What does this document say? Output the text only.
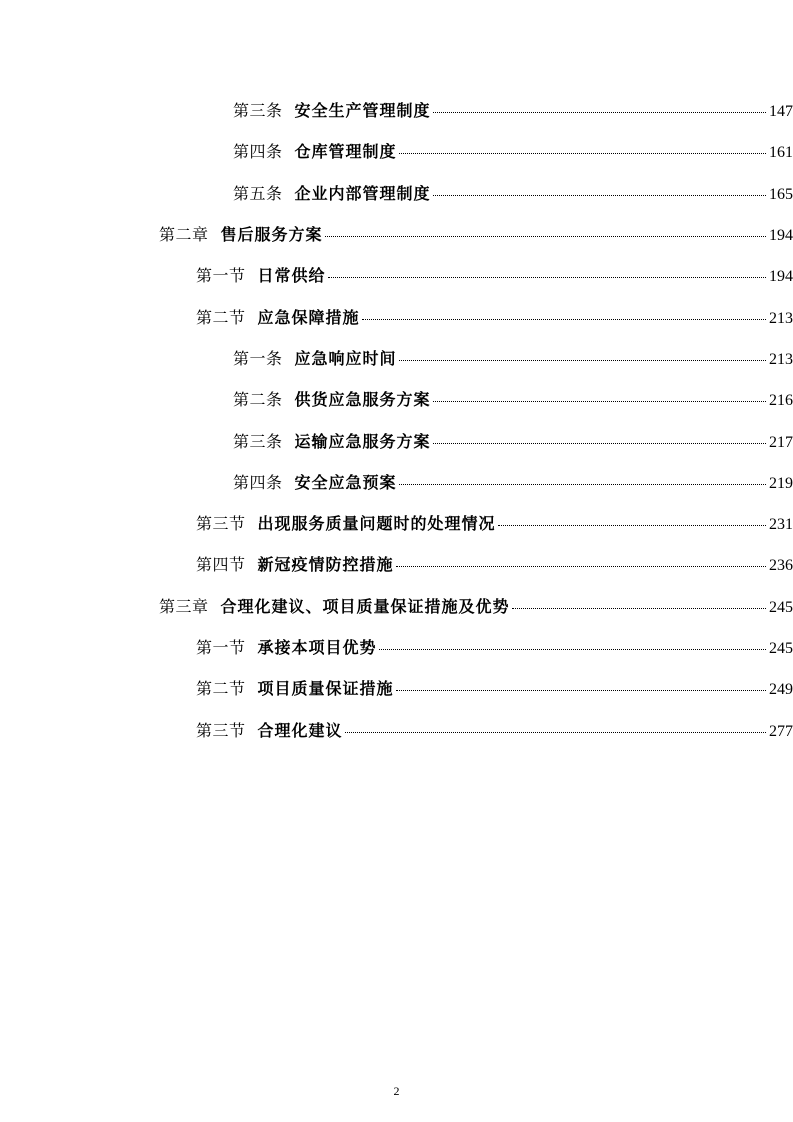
第三条 安全生产管理制度	147
第四条 仓库管理制度	161
第五条 企业内部管理制度	165
第二章 售后服务方案	194
第一节 日常供给	194
第二节 应急保障措施	213
第一条 应急响应时间	213
第二条 供货应急服务方案	216
第三条 运输应急服务方案	217
第四条 安全应急预案	219
第三节 出现服务质量问题时的处理情况	231
第四节 新冠疫情防控措施	236
第三章 合理化建议、项目质量保证措施及优势	245
第一节 承接本项目优势	245
第二节 项目质量保证措施	249
第三节 合理化建议	277
2
